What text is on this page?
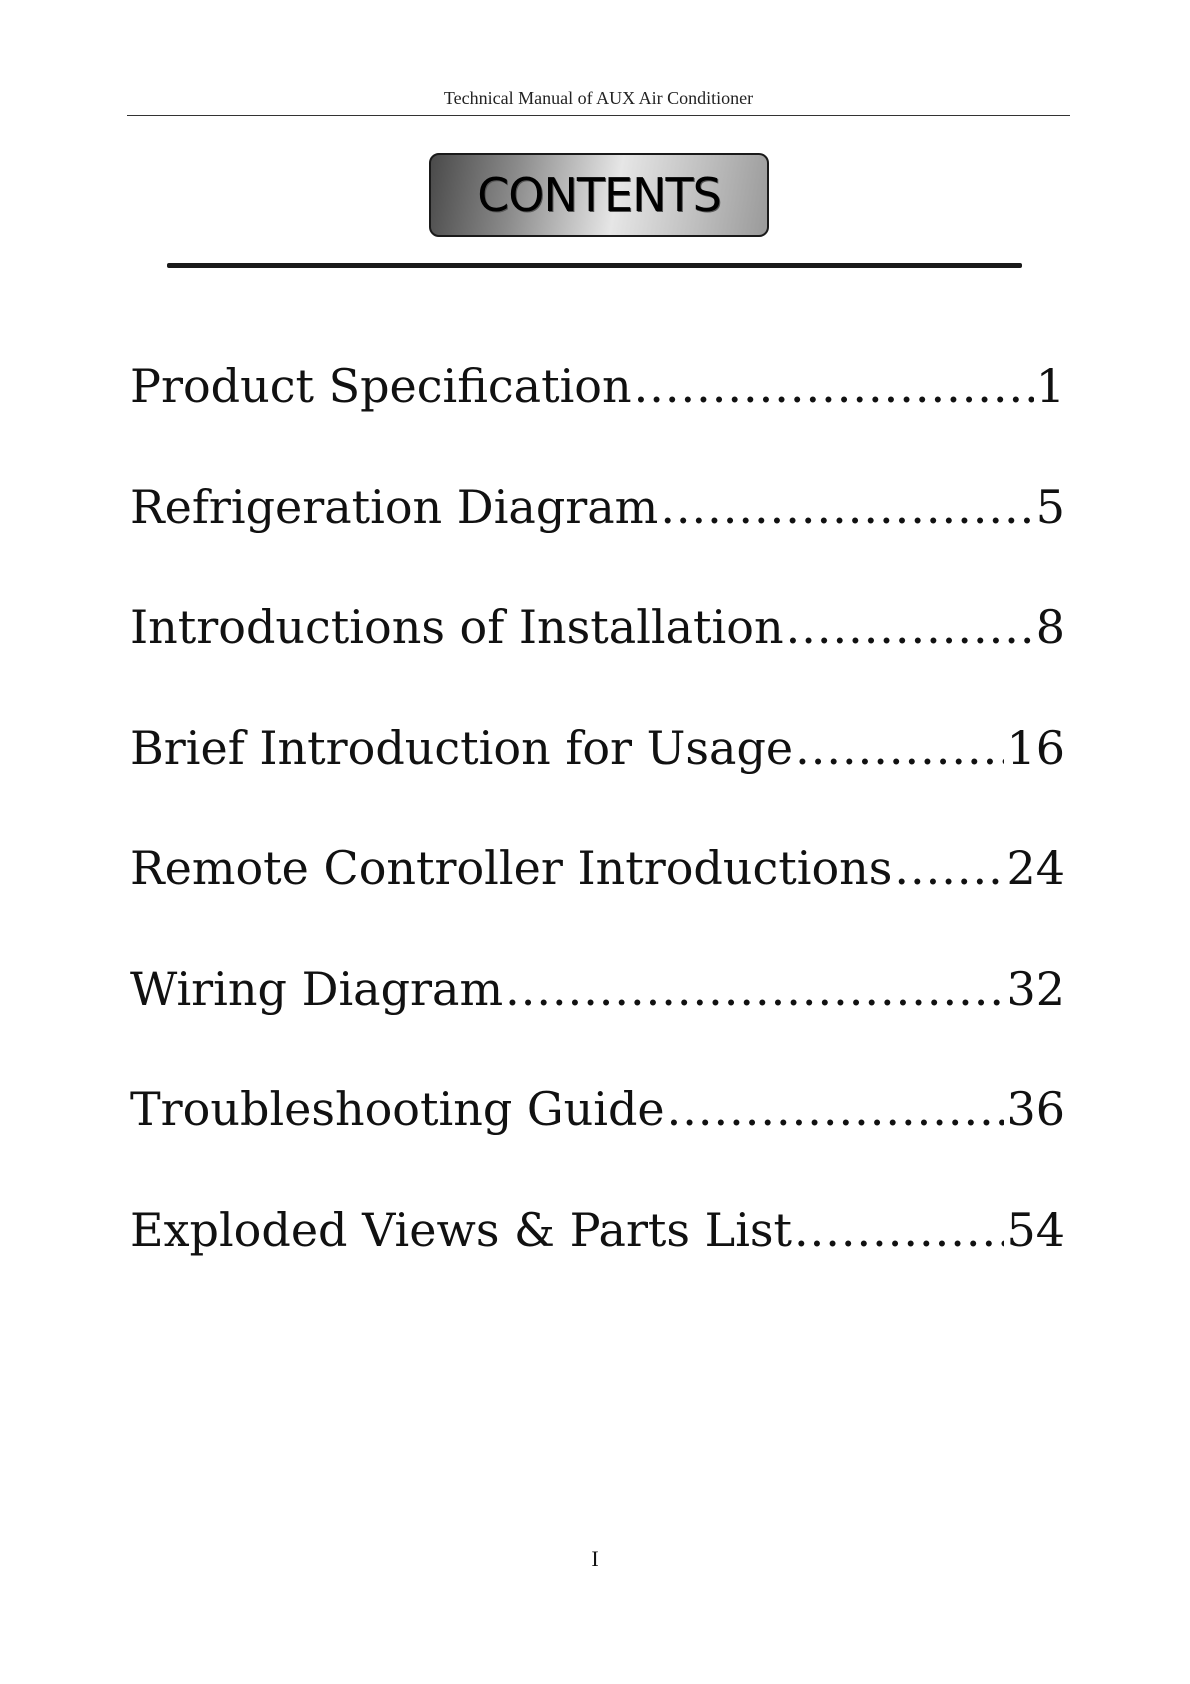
Technical Manual of AUX Air Conditioner
CONTENTS
Product Specification .....	1
Refrigeration Diagram .....	5
Introductions of Installation .....	8
Brief Introduction for Usage .....	16
Remote Controller Introductions ..... 24
Wiring Diagram .....	32
Troubleshooting Guide .....	36
Exploded Views & Parts List .....	54
I
